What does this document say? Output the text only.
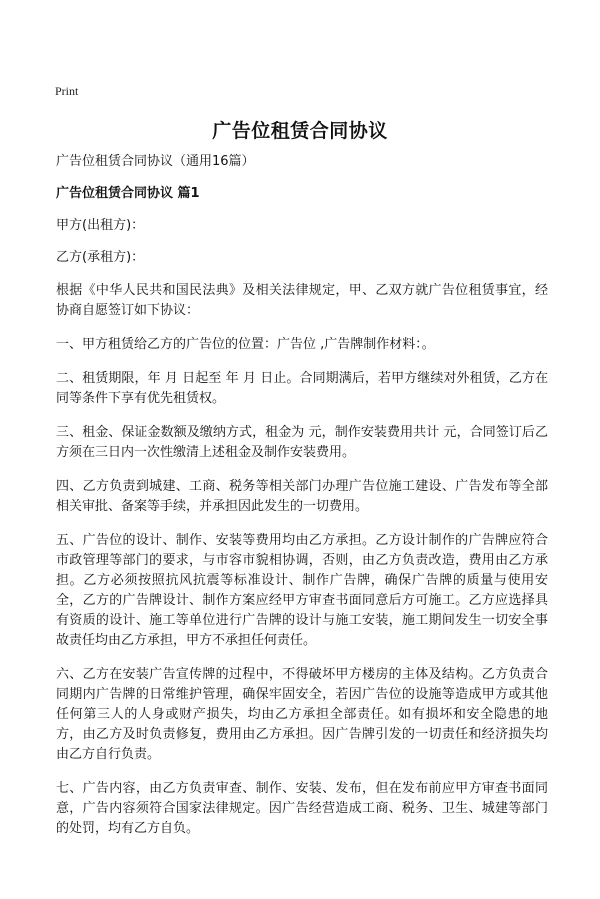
Print
广告位租赁合同协议

广告位租赁合同协议（通用16篇）

广告位租赁合同协议 篇1

甲方(出租方)：

乙方(承租方)：

根据《中华人民共和国民法典》及相关法律规定，甲、乙双方就广告位租赁事宜，经协商自愿签订如下协议：

一、甲方租赁给乙方的广告位的位置：广告位 ,广告牌制作材料：。

二、租赁期限，年 月 日起至 年 月 日止。合同期满后，若甲方继续对外租赁，乙方在同等条件下享有优先租赁权。

三、租金、保证金数额及缴纳方式，租金为 元，制作安装费用共计 元，合同签订后乙方须在三日内一次性缴清上述租金及制作安装费用。

四、乙方负责到城建、工商、税务等相关部门办理广告位施工建设、广告发布等全部相关审批、备案等手续，并承担因此发生的一切费用。

五、广告位的设计、制作、安装等费用均由乙方承担。乙方设计制作的广告牌应符合市政管理等部门的要求，与市容市貌相协调，否则，由乙方负责改造，费用由乙方承担。乙方必须按照抗风抗震等标准设计、制作广告牌，确保广告牌的质量与使用安全，乙方的广告牌设计、制作方案应经甲方审查书面同意后方可施工。乙方应选择具有资质的设计、施工等单位进行广告牌的设计与施工安装，施工期间发生一切安全事故责任均由乙方承担，甲方不承担任何责任。

六、乙方在安装广告宣传牌的过程中，不得破坏甲方楼房的主体及结构。乙方负责合同期内广告牌的日常维护管理，确保牢固安全，若因广告位的设施等造成甲方或其他任何第三人的人身或财产损失，均由乙方承担全部责任。如有损坏和安全隐患的地方，由乙方及时负责修复，费用由乙方承担。因广告牌引发的一切责任和经济损失均由乙方自行负责。

七、广告内容，由乙方负责审查、制作、安装、发布，但在发布前应甲方审查书面同意，广告内容须符合国家法律规定。因广告经营造成工商、税务、卫生、城建等部门的处罚，均有乙方自负。
